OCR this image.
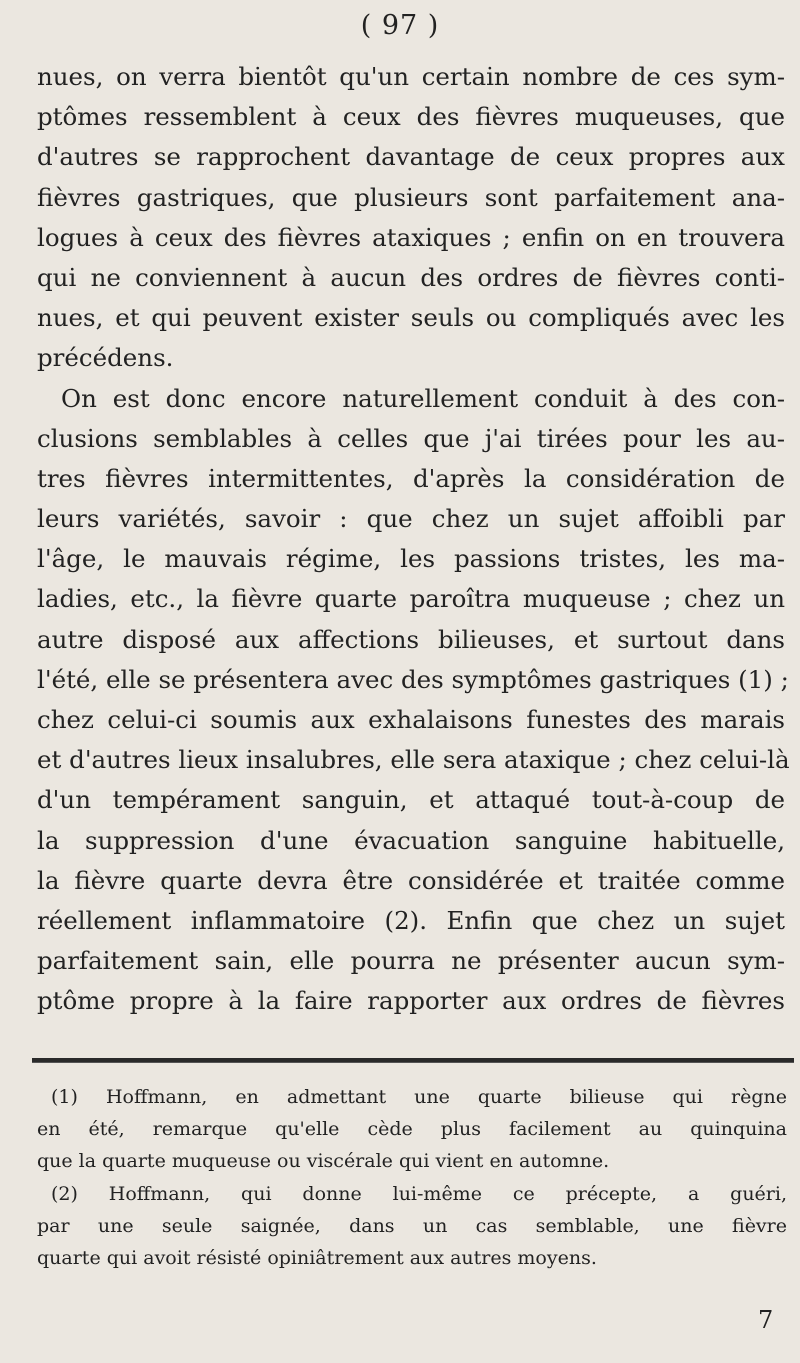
( 97 )
nues, on verra bientôt qu'un certain nombre de ces sym-
ptômes ressemblent à ceux des fièvres muqueuses, que
d'autres se rapprochent davantage de ceux propres aux
fièvres gastriques, que plusieurs sont parfaitement ana-
logues à ceux des fièvres ataxiques ; enfin on en trouvera
qui ne conviennent à aucun des ordres de fièvres conti-
nues, et qui peuvent exister seuls ou compliqués avec les
précédens.
On est donc encore naturellement conduit à des con-
clusions semblables à celles que j'ai tirées pour les au-
tres fièvres intermittentes, d'après la considération de
leurs variétés, savoir : que chez un sujet affoibli par
l'âge, le mauvais régime, les passions tristes, les ma-
ladies, etc., la fièvre quarte paroîtra muqueuse ; chez un
autre disposé aux affections bilieuses, et surtout dans
l'été, elle se présentera avec des symptômes gastriques (1) ;
chez celui-ci soumis aux exhalaisons funestes des marais
et d'autres lieux insalubres, elle sera ataxique ; chez celui-là
d'un tempérament sanguin, et attaqué tout-à-coup de
la suppression d'une évacuation sanguine habituelle,
la fièvre quarte devra être considérée et traitée comme
réellement inflammatoire (2). Enfin que chez un sujet
parfaitement sain, elle pourra ne présenter aucun sym-
ptôme propre à la faire rapporter aux ordres de fièvres
(1) Hoffmann, en admettant une quarte bilieuse qui règne
en été, remarque qu'elle cède plus facilement au quinquina
que la quarte muqueuse ou viscérale qui vient en automne.
(2) Hoffmann, qui donne lui-même ce précepte, a guéri,
par une seule saignée, dans un cas semblable, une fièvre
quarte qui avoit résisté opiniâtrement aux autres moyens.
7
